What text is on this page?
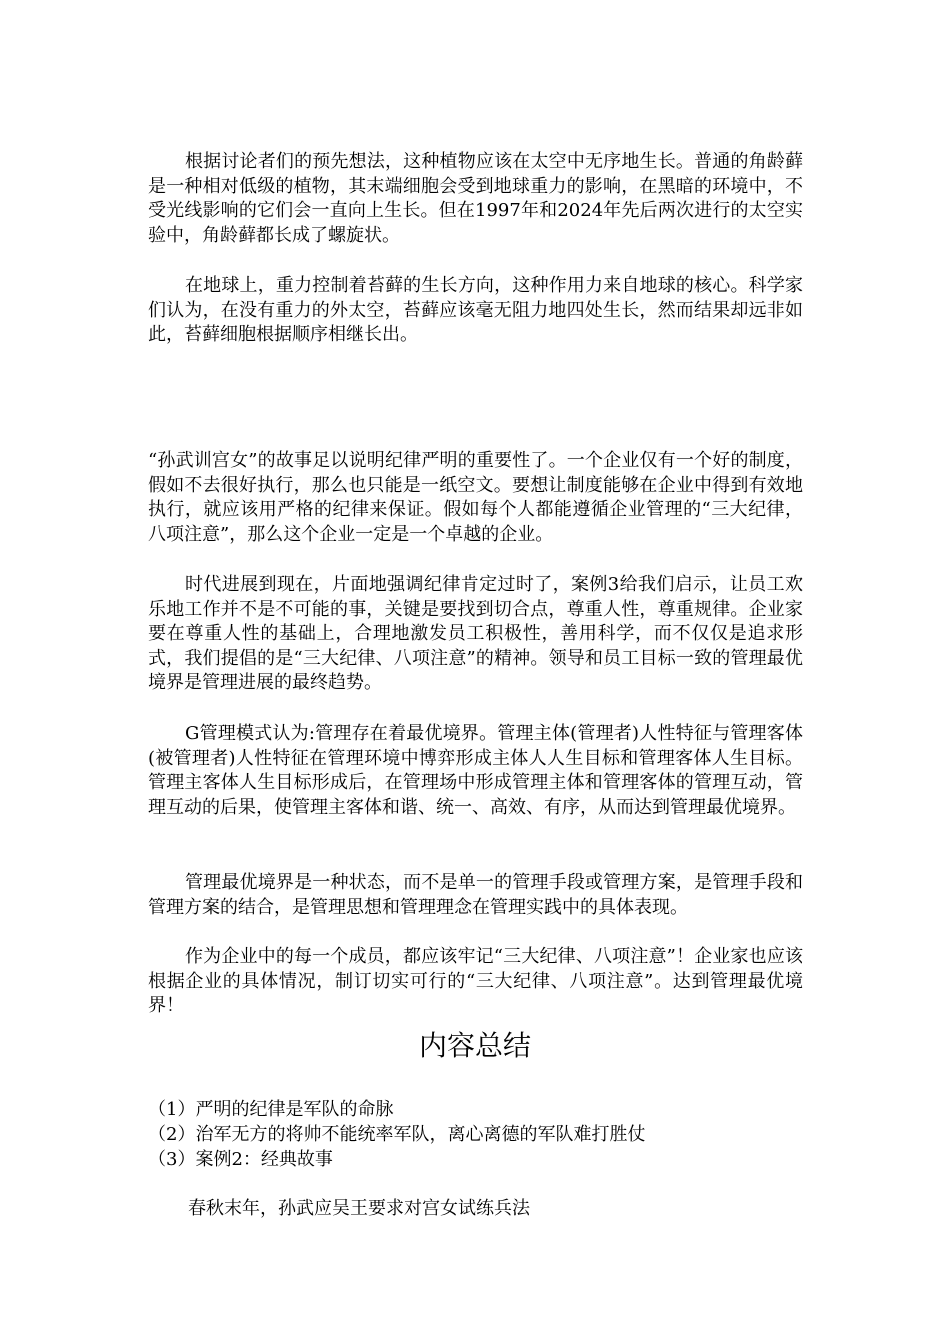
根据讨论者们的预先想法，这种植物应该在太空中无序地生长。普通的角龄藓是一种相对低级的植物，其末端细胞会受到地球重力的影响，在黑暗的环境中，不受光线影响的它们会一直向上生长。但在1997年和2024年先后两次进行的太空实验中，角龄藓都长成了螺旋状。

在地球上，重力控制着苔藓的生长方向，这种作用力来自地球的核心。科学家们认为，在没有重力的外太空，苔藓应该毫无阻力地四处生长，然而结果却远非如此，苔藓细胞根据顺序相继长出。

“孙武训宫女”的故事足以说明纪律严明的重要性了。一个企业仅有一个好的制度，假如不去很好执行，那么也只能是一纸空文。要想让制度能够在企业中得到有效地执行，就应该用严格的纪律来保证。假如每个人都能遵循企业管理的“三大纪律，八项注意”，那么这个企业一定是一个卓越的企业。

时代进展到现在，片面地强调纪律肯定过时了，案例3给我们启示，让员工欢乐地工作并不是不可能的事，关键是要找到切合点，尊重人性，尊重规律。企业家要在尊重人性的基础上，合理地激发员工积极性，善用科学，而不仅仅是追求形式，我们提倡的是“三大纪律、八项注意”的精神。领导和员工目标一致的管理最优境界是管理进展的最终趋势。

G管理模式认为:管理存在着最优境界。管理主体(管理者)人性特征与管理客体(被管理者)人性特征在管理环境中博弈形成主体人人生目标和管理客体人生目标。管理主客体人生目标形成后，在管理场中形成管理主体和管理客体的管理互动，管理互动的后果，使管理主客体和谐、统一、高效、有序，从而达到管理最优境界。

管理最优境界是一种状态，而不是单一的管理手段或管理方案，是管理手段和管理方案的结合，是管理思想和管理理念在管理实践中的具体表现。

作为企业中的每一个成员，都应该牢记“三大纪律、八项注意”！企业家也应该根据企业的具体情况，制订切实可行的“三大纪律、八项注意”。达到管理最优境界！

内容总结
（1）严明的纪律是军队的命脉
（2）治军无方的将帅不能统率军队，离心离德的军队难打胜仗
（3）案例2：经典故事

春秋末年，孙武应吴王要求对宫女试练兵法
